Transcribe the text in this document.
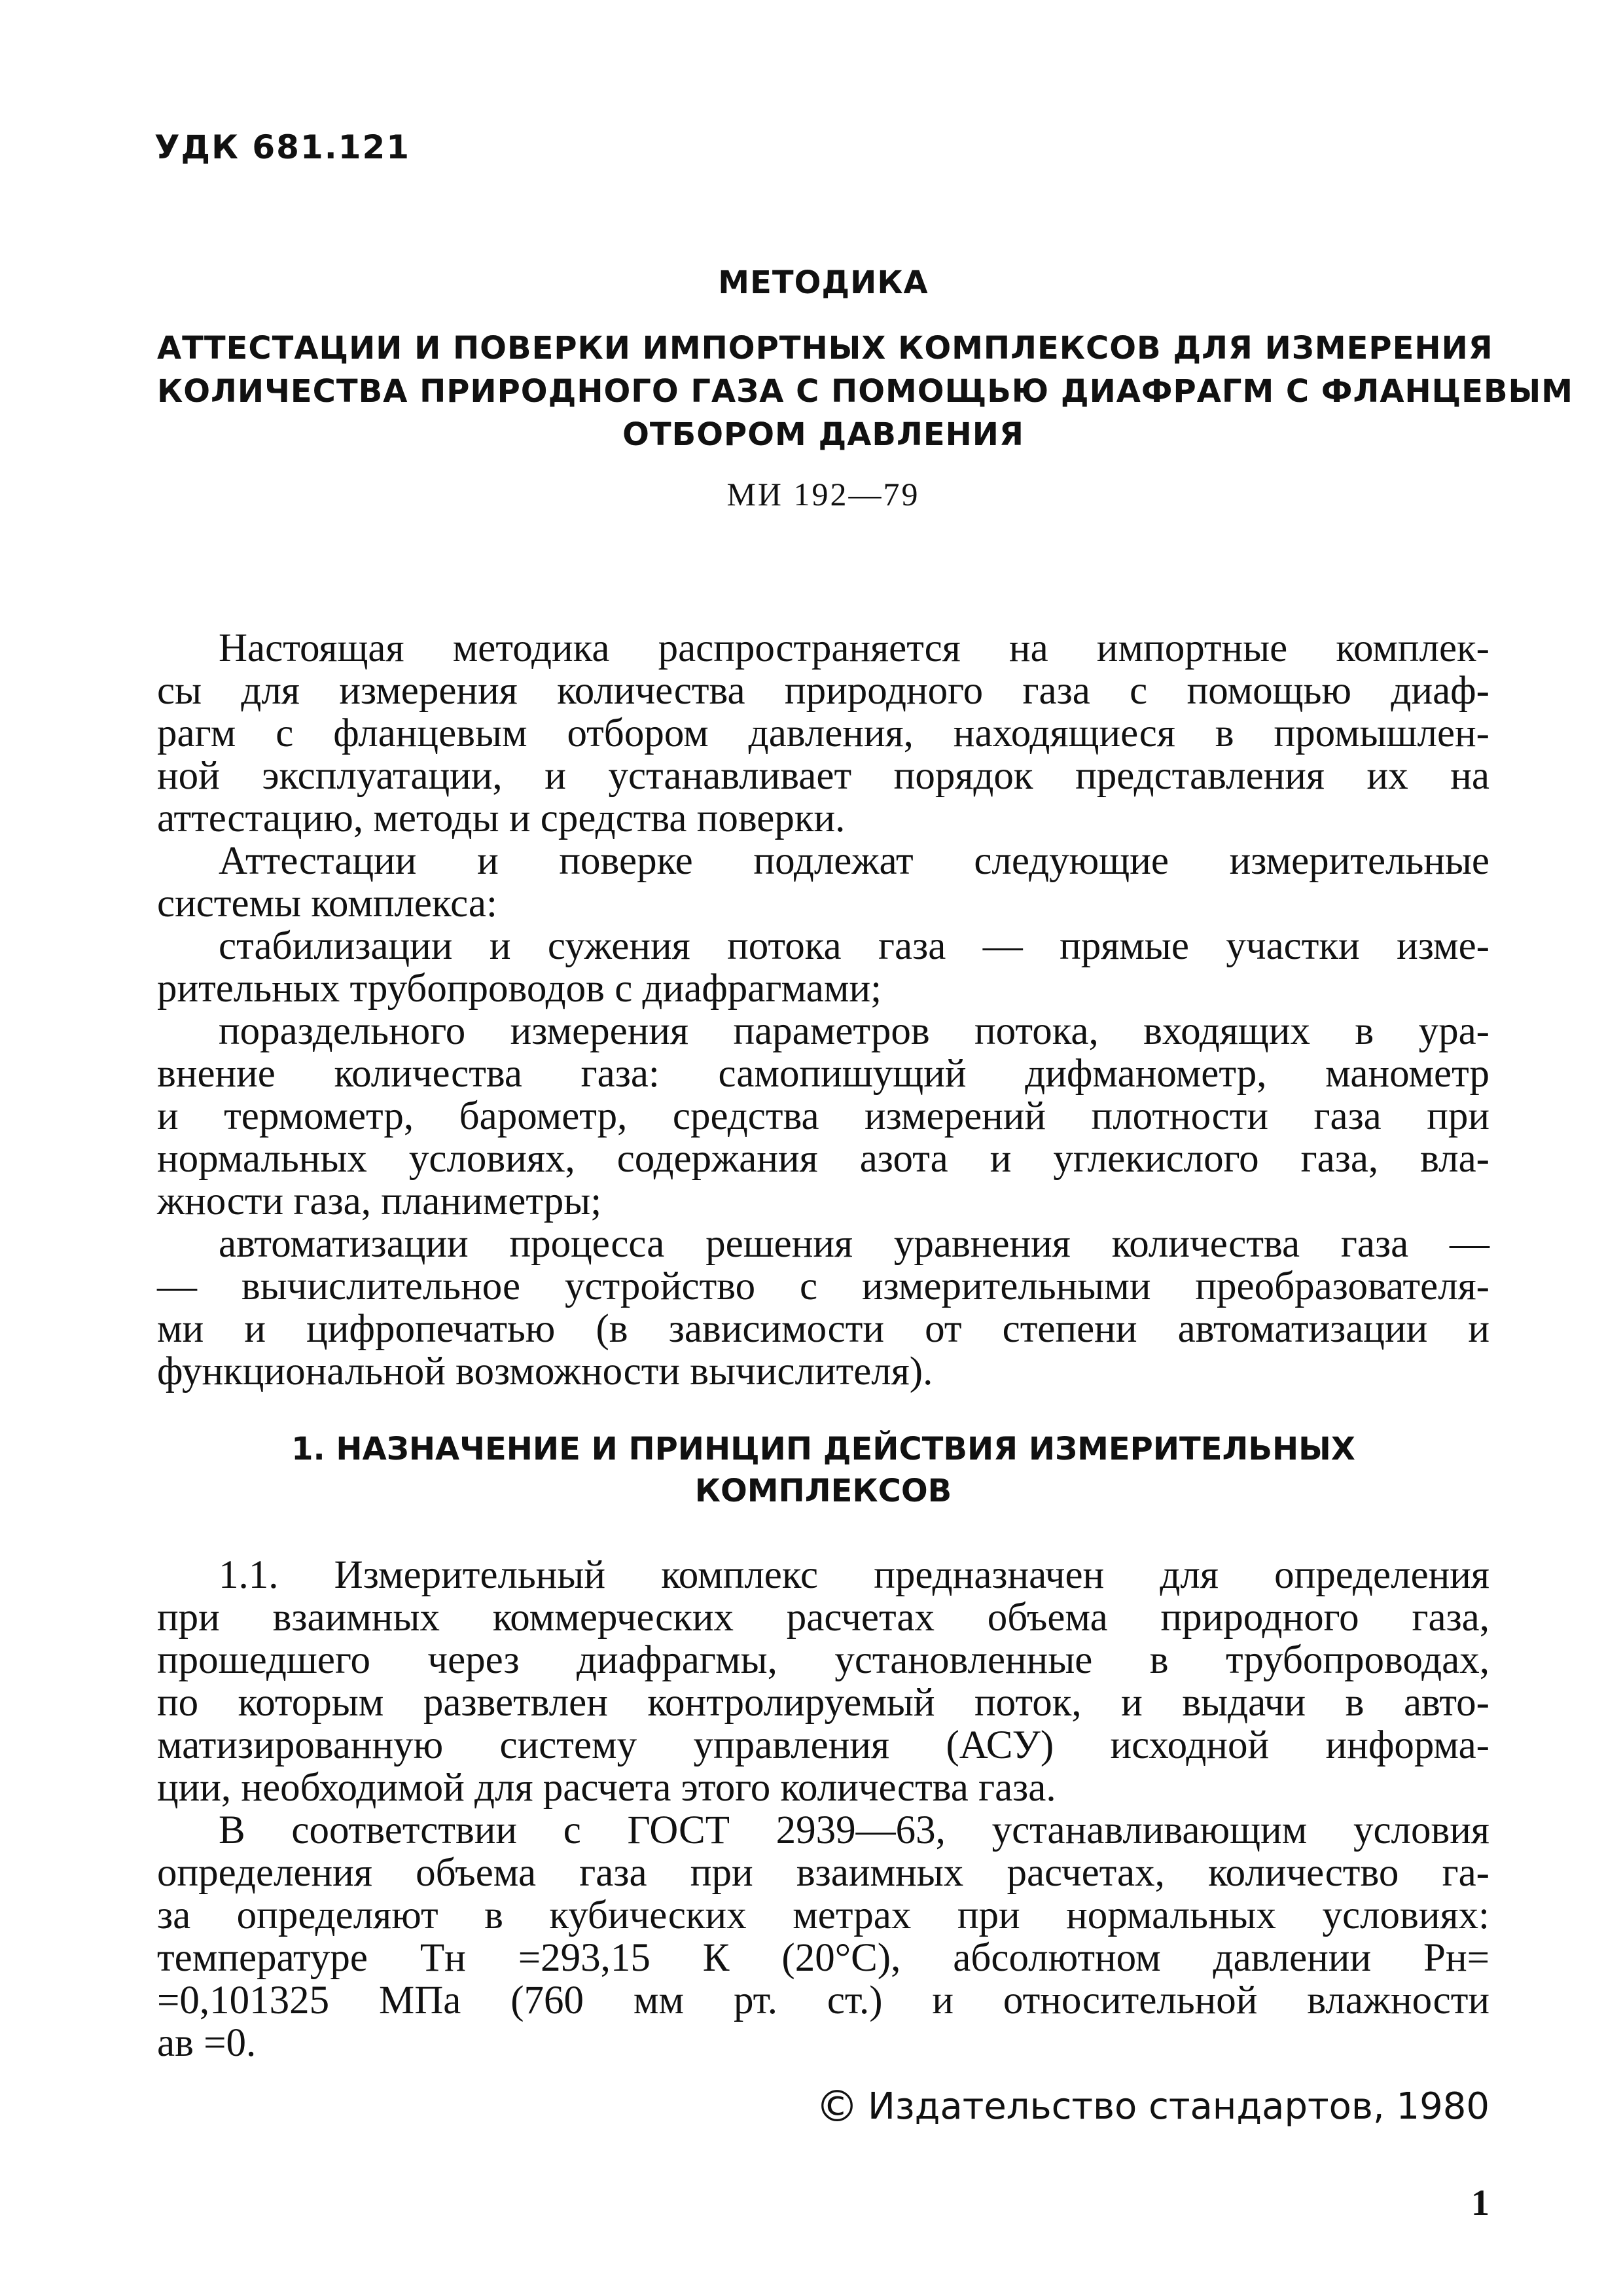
УДК 681.121
МЕТОДИКА
АТТЕСТАЦИИ И ПОВЕРКИ ИМПОРТНЫХ КОМПЛЕКСОВ ДЛЯ ИЗМЕРЕНИЯ
КОЛИЧЕСТВА ПРИРОДНОГО ГАЗА С ПОМОЩЬЮ ДИАФРАГМ С ФЛАНЦЕВЫМ
ОТБОРОМ ДАВЛЕНИЯ
МИ 192—79
Настоящая методика распространяется на импортные комплек-
сы для измерения количества природного газа с помощью диаф-
рагм с фланцевым отбором давления, находящиеся в промышлен-
ной эксплуатации, и устанавливает порядок представления их на
аттестацию, методы и средства поверки.
Аттестации и поверке подлежат следующие измерительные
системы комплекса:
стабилизации и сужения потока газа — прямые участки изме-
рительных трубопроводов с диафрагмами;
пораздельного измерения параметров потока, входящих в ура-
внение количества газа: самопишущий дифманометр, манометр
и термометр, барометр, средства измерений плотности газа при
нормальных условиях, содержания азота и углекислого газа, вла-
жности газа, планиметры;
автоматизации процесса решения уравнения количества газа —
— вычислительное устройство с измерительными преобразователя-
ми и цифропечатью (в зависимости от степени автоматизации и
функциональной возможности вычислителя).
1. НАЗНАЧЕНИЕ И ПРИНЦИП ДЕЙСТВИЯ ИЗМЕРИТЕЛЬНЫХ
КОМПЛЕКСОВ
1.1. Измерительный комплекс предназначен для определения
при взаимных коммерческих расчетах объема природного газа,
прошедшего через диафрагмы, установленные в трубопроводах,
по которым разветвлен контролируемый поток, и выдачи в авто-
матизированную систему управления (АСУ) исходной информа-
ции, необходимой для расчета этого количества газа.
В соответствии с ГОСТ 2939—63, устанавливающим условия
определения объема газа при взаимных расчетах, количество га-
за определяют в кубических метрах при нормальных условиях:
температуре Tн =293,15 К (20°С), абсолютном давлении Pн=
=0,101325 МПа (760 мм рт. ст.) и относительной влажности
aв =0.
© Издательство стандартов, 1980
1
